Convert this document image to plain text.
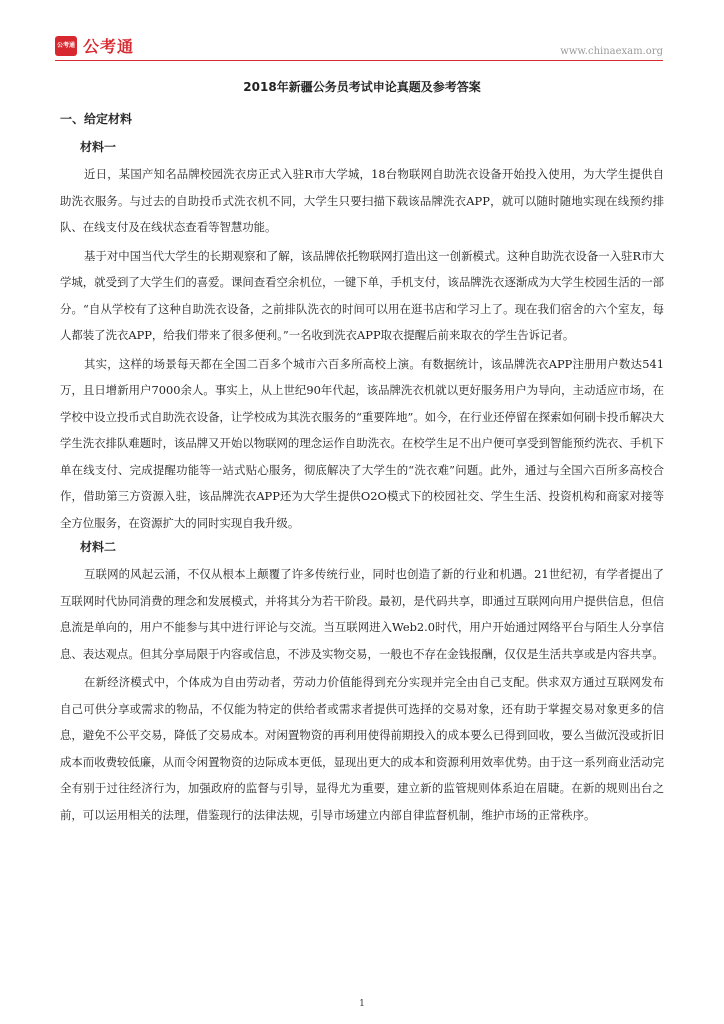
公考通 公考通	www.chinaexam.org
2018年新疆公务员考试申论真题及参考答案
一、给定材料
材料一

近日，某国产知名品牌校园洗衣房正式入驻R市大学城，18台物联网自助洗衣设备开始投入使用，为大学生提供自助洗衣服务。与过去的自助投币式洗衣机不同，大学生只要扫描下载该品牌洗衣APP，就可以随时随地实现在线预约排队、在线支付及在线状态查看等智慧功能。

基于对中国当代大学生的长期观察和了解，该品牌依托物联网打造出这一创新模式。这种自助洗衣设备一入驻R市大学城，就受到了大学生们的喜爱。课间查看空余机位，一键下单，手机支付，该品牌洗衣逐渐成为大学生校园生活的一部分。“自从学校有了这种自助洗衣设备，之前排队洗衣的时间可以用在逛书店和学习上了。现在我们宿舍的六个室友，每人都装了洗衣APP，给我们带来了很多便利。”一名收到洗衣APP取衣提醒后前来取衣的学生告诉记者。

其实，这样的场景每天都在全国二百多个城市六百多所高校上演。有数据统计，该品牌洗衣APP注册用户数达541万，且日增新用户7000余人。事实上，从上世纪90年代起，该品牌洗衣机就以更好服务用户为导向，主动适应市场，在学校中设立投币式自助洗衣设备，让学校成为其洗衣服务的“重要阵地”。如今，在行业还停留在探索如何刷卡投币解决大学生洗衣排队难题时，该品牌又开始以物联网的理念运作自助洗衣。在校学生足不出户便可享受到智能预约洗衣、手机下单在线支付、完成提醒功能等一站式贴心服务，彻底解决了大学生的“洗衣难”问题。此外，通过与全国六百所多高校合作，借助第三方资源入驻，该品牌洗衣APP还为大学生提供O2O模式下的校园社交、学生生活、投资机构和商家对接等全方位服务，在资源扩大的同时实现自我升级。

材料二

互联网的风起云涌，不仅从根本上颠覆了许多传统行业，同时也创造了新的行业和机遇。21世纪初，有学者提出了互联网时代协同消费的理念和发展模式，并将其分为若干阶段。最初，是代码共享，即通过互联网向用户提供信息，但信息流是单向的，用户不能参与其中进行评论与交流。当互联网进入Web2.0时代，用户开始通过网络平台与陌生人分享信息、表达观点。但其分享局限于内容或信息，不涉及实物交易，一般也不存在金钱报酬，仅仅是生活共享或是内容共享。

在新经济模式中，个体成为自由劳动者，劳动力价值能得到充分实现并完全由自己支配。供求双方通过互联网发布自己可供分享或需求的物品，不仅能为特定的供给者或需求者提供可选择的交易对象，还有助于掌握交易对象更多的信息，避免不公平交易，降低了交易成本。对闲置物资的再利用使得前期投入的成本要么已得到回收，要么当做沉没或折旧成本而收费较低廉，从而令闲置物资的边际成本更低，显现出更大的成本和资源利用效率优势。由于这一系列商业活动完全有别于过往经济行为，加强政府的监督与引导，显得尤为重要，建立新的监管规则体系迫在眉睫。在新的规则出台之前，可以运用相关的法理，借鉴现行的法律法规，引导市场建立内部自律监督机制，维护市场的正常秩序。

1
